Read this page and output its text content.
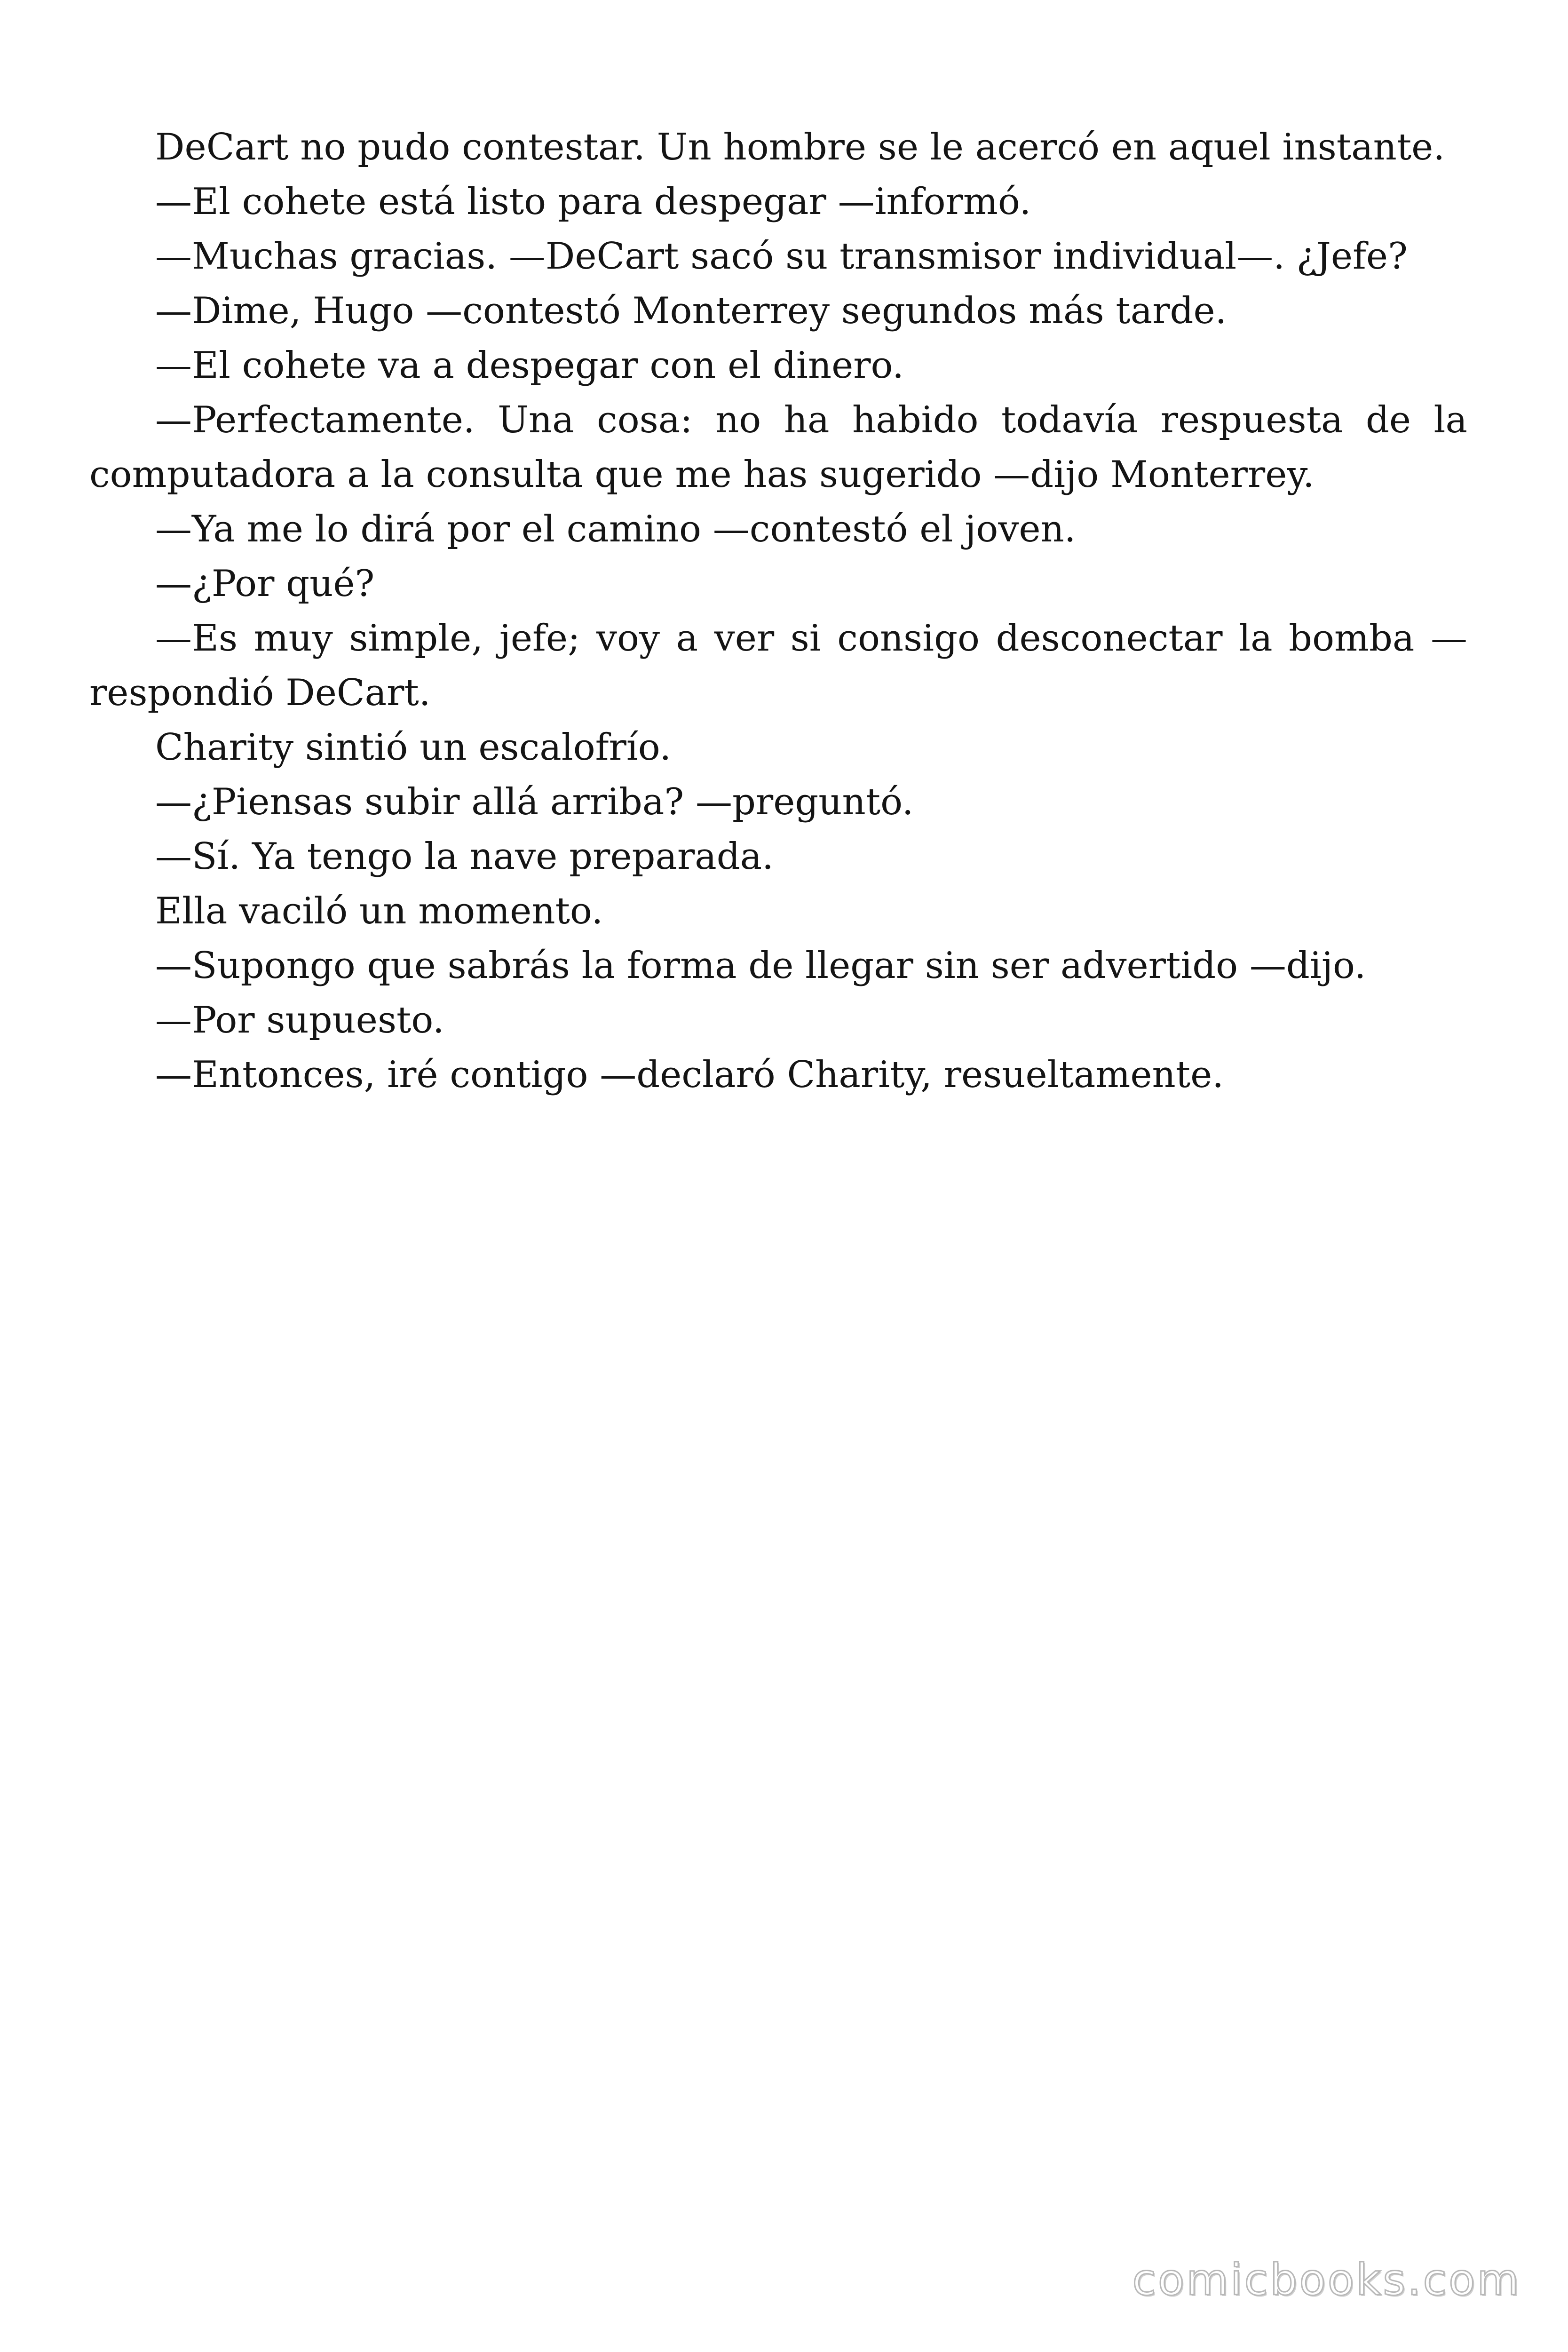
DeCart no pudo contestar. Un hombre se le acercó en aquel instante.

—El cohete está listo para despegar —informó.

—Muchas gracias. —DeCart sacó su transmisor individual—. ¿Jefe?

—Dime, Hugo —contestó Monterrey segundos más tarde.

—El cohete va a despegar con el dinero.

—Perfectamente. Una cosa: no ha habido todavía respuesta de la computadora a la consulta que me has sugerido —dijo Monterrey.

—Ya me lo dirá por el camino —contestó el joven.

—¿Por qué?

—Es muy simple, jefe; voy a ver si consigo desconectar la bomba —respondió DeCart.

Charity sintió un escalofrío.

—¿Piensas subir allá arriba? —preguntó.

—Sí. Ya tengo la nave preparada.

Ella vaciló un momento.

—Supongo que sabrás la forma de llegar sin ser advertido —dijo.

—Por supuesto.

—Entonces, iré contigo —declaró Charity, resueltamente.

comicbooks.com
